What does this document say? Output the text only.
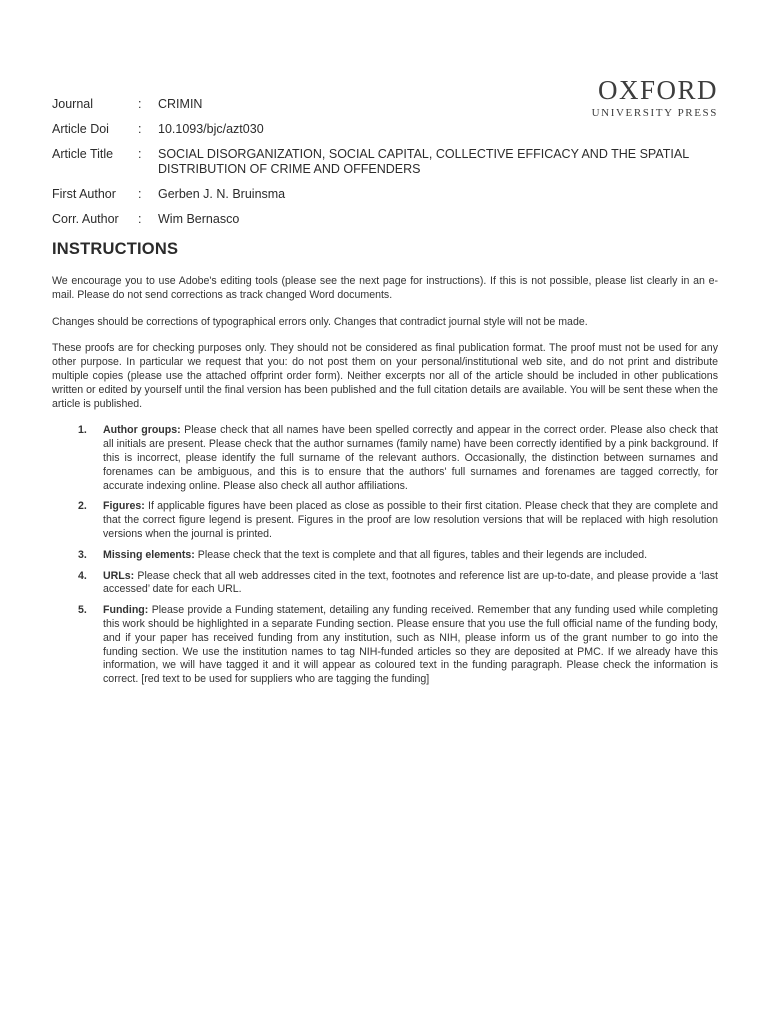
OXFORD
UNIVERSITY PRESS
Journal	:	CRIMIN
Article Doi	:	10.1093/bjc/azt030
Article Title	:	SOCIAL DISORGANIZATION, SOCIAL CAPITAL, COLLECTIVE EFFICACY AND THE SPATIAL DISTRIBUTION OF CRIME AND OFFENDERS
First Author	:	Gerben J. N. Bruinsma
Corr. Author	:	Wim Bernasco
INSTRUCTIONS

We encourage you to use Adobe's editing tools (please see the next page for instructions). If this is not possible, please list clearly in an e-mail. Please do not send corrections as track changed Word documents.

Changes should be corrections of typographical errors only. Changes that contradict journal style will not be made.

These proofs are for checking purposes only. They should not be considered as final publication format. The proof must not be used for any other purpose. In particular we request that you: do not post them on your personal/institutional web site, and do not print and distribute multiple copies (please use the attached offprint order form). Neither excerpts nor all of the article should be included in other publications written or edited by yourself until the final version has been published and the full citation details are available. You will be sent these when the article is published.

1.	Author groups: Please check that all names have been spelled correctly and appear in the correct order. Please also check that all initials are present. Please check that the author surnames (family name) have been correctly identified by a pink background. If this is incorrect, please identify the full surname of the relevant authors. Occasionally, the distinction between surnames and forenames can be ambiguous, and this is to ensure that the authors' full surnames and forenames are tagged correctly, for accurate indexing online. Please also check all author affiliations.
2.	Figures: If applicable figures have been placed as close as possible to their first citation. Please check that they are complete and that the correct figure legend is present. Figures in the proof are low resolution versions that will be replaced with high resolution versions when the journal is printed.
3.	Missing elements: Please check that the text is complete and that all figures, tables and their legends are included.
4.	URLs: Please check that all web addresses cited in the text, footnotes and reference list are up-to-date, and please provide a ‘last accessed’ date for each URL.
5.	Funding: Please provide a Funding statement, detailing any funding received. Remember that any funding used while completing this work should be highlighted in a separate Funding section. Please ensure that you use the full official name of the funding body, and if your paper has received funding from any institution, such as NIH, please inform us of the grant number to go into the funding section. We use the institution names to tag NIH-funded articles so they are deposited at PMC. If we already have this information, we will have tagged it and it will appear as coloured text in the funding paragraph. Please check the information is correct. [red text to be used for suppliers who are tagging the funding]
